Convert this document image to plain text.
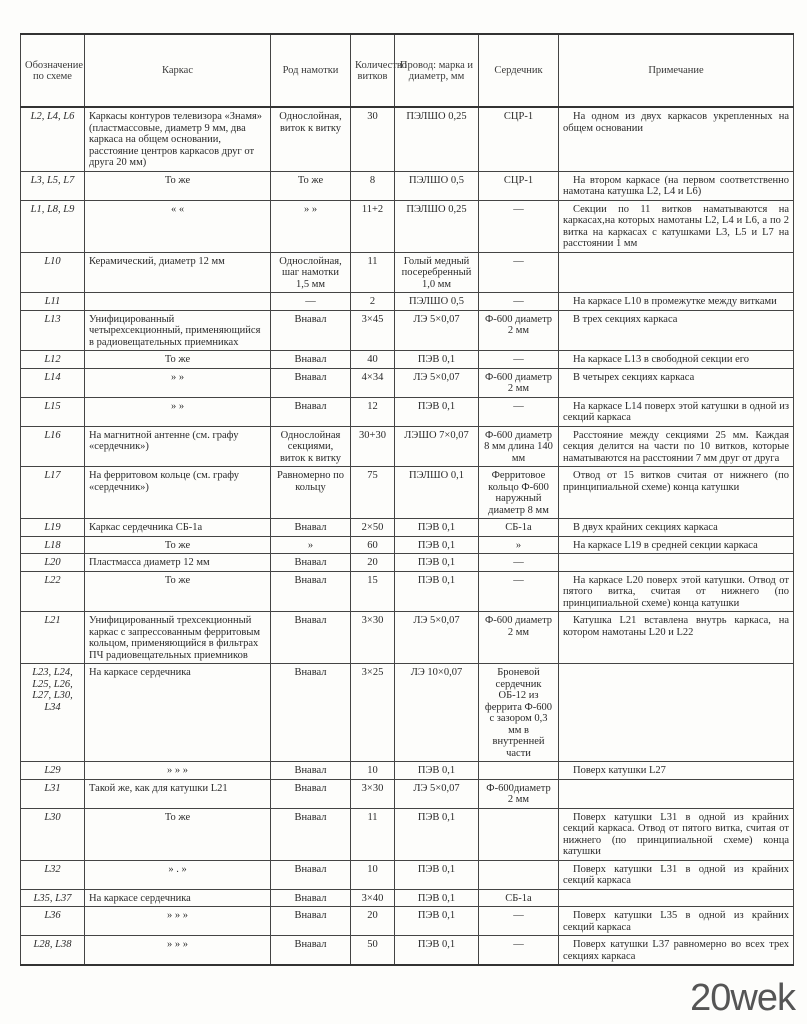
Обозначение по схеме	Каркас	Род намотки	Количество витков	Провод: марка и диаметр, мм	Сердечник	Примечание
L2, L4, L6	Каркасы контуров телевизора «Знамя» (пластмассовые, диаметр 9 мм, два каркаса на общем основании, расстояние центров каркасов друг от друга 20 мм)	Однослойная, виток к витку	30	ПЭЛШО 0,25	СЦР-1	На одном из двух каркасов укрепленных на общем основании
L3, L5, L7	То же	То же	8	ПЭЛШО 0,5	СЦР-1	На втором каркасе (на первом соответственно намотана катушка L2, L4 и L6)
L1, L8, L9	« «	» »	11+2	ПЭЛШО 0,25	—	Секции по 11 витков наматываются на каркасах,на которых намотаны L2, L4 и L6, а по 2 витка на каркасах с катушками L3, L5 и L7 на расстоянии 1 мм
L10	Керамический, диаметр 12 мм	Однослойная, шаг намотки 1,5 мм	11	Голый медный посеребренный 1,0 мм	—	
L11		—	2	ПЭЛШО 0,5	—	На каркасе L10 в промежутке между витками
L13	Унифицированный четырехсекционный, применяющийся в радиовещательных приемниках	Внавал	3×45	ЛЭ 5×0,07	Ф-600 диаметр 2 мм	В трех секциях каркаса
L12	То же	Внавал	40	ПЭВ 0,1	—	На каркасе L13 в свободной секции его
L14	» »	Внавал	4×34	ЛЭ 5×0,07	Ф-600 диаметр 2 мм	В четырех секциях каркаса
L15	» »	Внавал	12	ПЭВ 0,1	—	На каркасе L14 поверх этой катушки в одной из секций каркаса
L16	На магнитной антенне (см. графу «сердечник»)	Однослойная секциями, виток к витку	30+30	ЛЭШО 7×0,07	Ф-600 диаметр 8 мм длина 140 мм	Расстояние между секциями 25 мм. Каждая секция делится на части по 10 витков, которые наматываются на расстоянии 7 мм друг от друга
L17	На ферритовом кольце (см. графу «сердечник»)	Равномерно по кольцу	75	ПЭЛШО 0,1	Ферритовое кольцо Ф-600 наружный диаметр 8 мм	Отвод от 15 витков считая от нижнего (по принципиальной схеме) конца катушки
L19	Каркас сердечника СБ-1а	Внавал	2×50	ПЭВ 0,1	СБ-1а	В двух крайних секциях каркаса
L18	То же	»	60	ПЭВ 0,1	»	На каркасе L19 в средней секции каркаса
L20	Пластмасса диаметр 12 мм	Внавал	20	ПЭВ 0,1	—	
L22	То же	Внавал	15	ПЭВ 0,1	—	На каркасе L20 поверх этой катушки. Отвод от пятого витка, считая от нижнего (по принципиальной схеме) конца катушки
L21	Унифицированный трехсекционный каркас с запрессованным ферритовым кольцом, применяющийся в фильтрах ПЧ радиовещательных приемников	Внавал	3×30	ЛЭ 5×0,07	Ф-600 диаметр 2 мм	Катушка L21 вставлена внутрь каркаса, на котором намотаны L20 и L22
L23, L24, L25, L26, L27, L30, L34	На каркасе сердечника	Внавал	3×25	ЛЭ 10×0,07	Броневой сердечник ОБ-12 из феррита Ф-600 с зазором 0,3 мм в внутренней части	
L29	» » »	Внавал	10	ПЭВ 0,1		Поверх катушки L27
L31	Такой же, как для катушки L21	Внавал	3×30	ЛЭ 5×0,07	Ф-600диаметр 2 мм	
L30	То же	Внавал	11	ПЭВ 0,1		Поверх катушки L31 в одной из крайних секций каркаса. Отвод от пятого витка, считая от нижнего (по принципиальной схеме) конца катушки
L32	» . »	Внавал	10	ПЭВ 0,1		Поверх катушки L31 в одной из крайних секций каркаса
L35, L37	На каркасе сердечника	Внавал	3×40	ПЭВ 0,1	СБ-1а	
L36	» » »	Внавал	20	ПЭВ 0,1	—	Поверх катушки L35 в одной из крайних секций каркаса
L28, L38	» » »	Внавал	50	ПЭВ 0,1	—	Поверх катушки L37 равномерно во всех трех секциях каркаса
20wek
